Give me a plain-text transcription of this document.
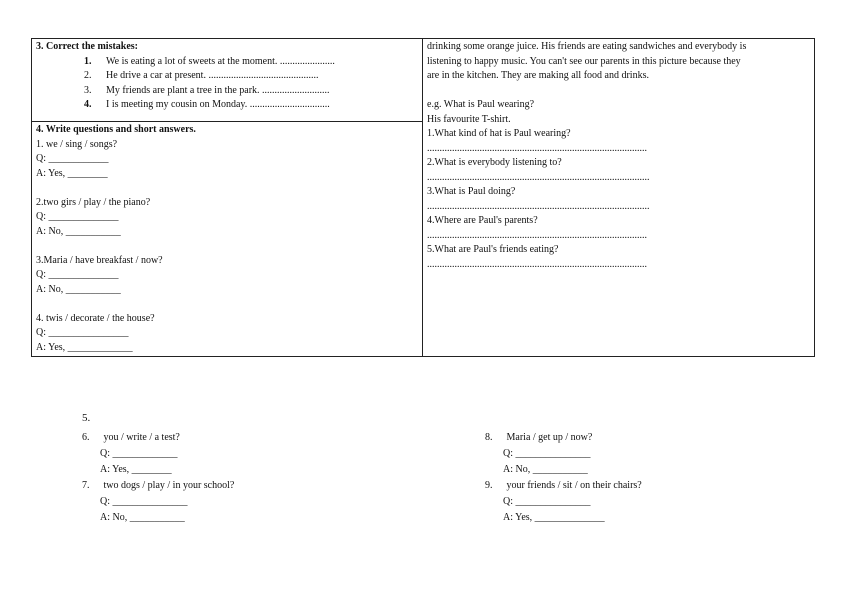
3. Correct the mistakes:
1. We is eating a lot of sweets at the moment. ......................
2. He drive a car at present. ............................................
3. My friends are plant a tree in the park. ...........................
4. I is meeting my cousin on Monday. ................................

drinking some orange juice. His friends are eating sandwiches and everybody is
listening to happy music. You can't see our parents in this picture because they
are in the kitchen. They are making all food and drinks.
e.g. What is Paul wearing?
His favourite T-shirt.
1.What kind of hat is Paul wearing?
........................................................................................
2.What is everybody listening to?
.........................................................................................
3.What is Paul doing?
.........................................................................................
4.Where are Paul's parents?
........................................................................................
5.What are Paul's friends eating?
........................................................................................

4. Write questions and short answers.
1. we / sing / songs?
Q: ____________
A: Yes, ________
2.two girs / play / the piano?
Q: ______________
A: No, ___________
3.Maria / have breakfast / now?
Q: ______________
A: No, ___________
4. twis / decorate / the house?
Q: ________________
A: Yes, _____________
5.
6. you / write / a test?
Q: _____________
A: Yes, ________
7. two dogs / play / in your school?
Q: _______________
A: No, ___________
8. Maria / get up / now?
Q: _______________
A: No, ___________
9. your friends / sit / on their chairs?
Q: _______________
A: Yes, ______________
